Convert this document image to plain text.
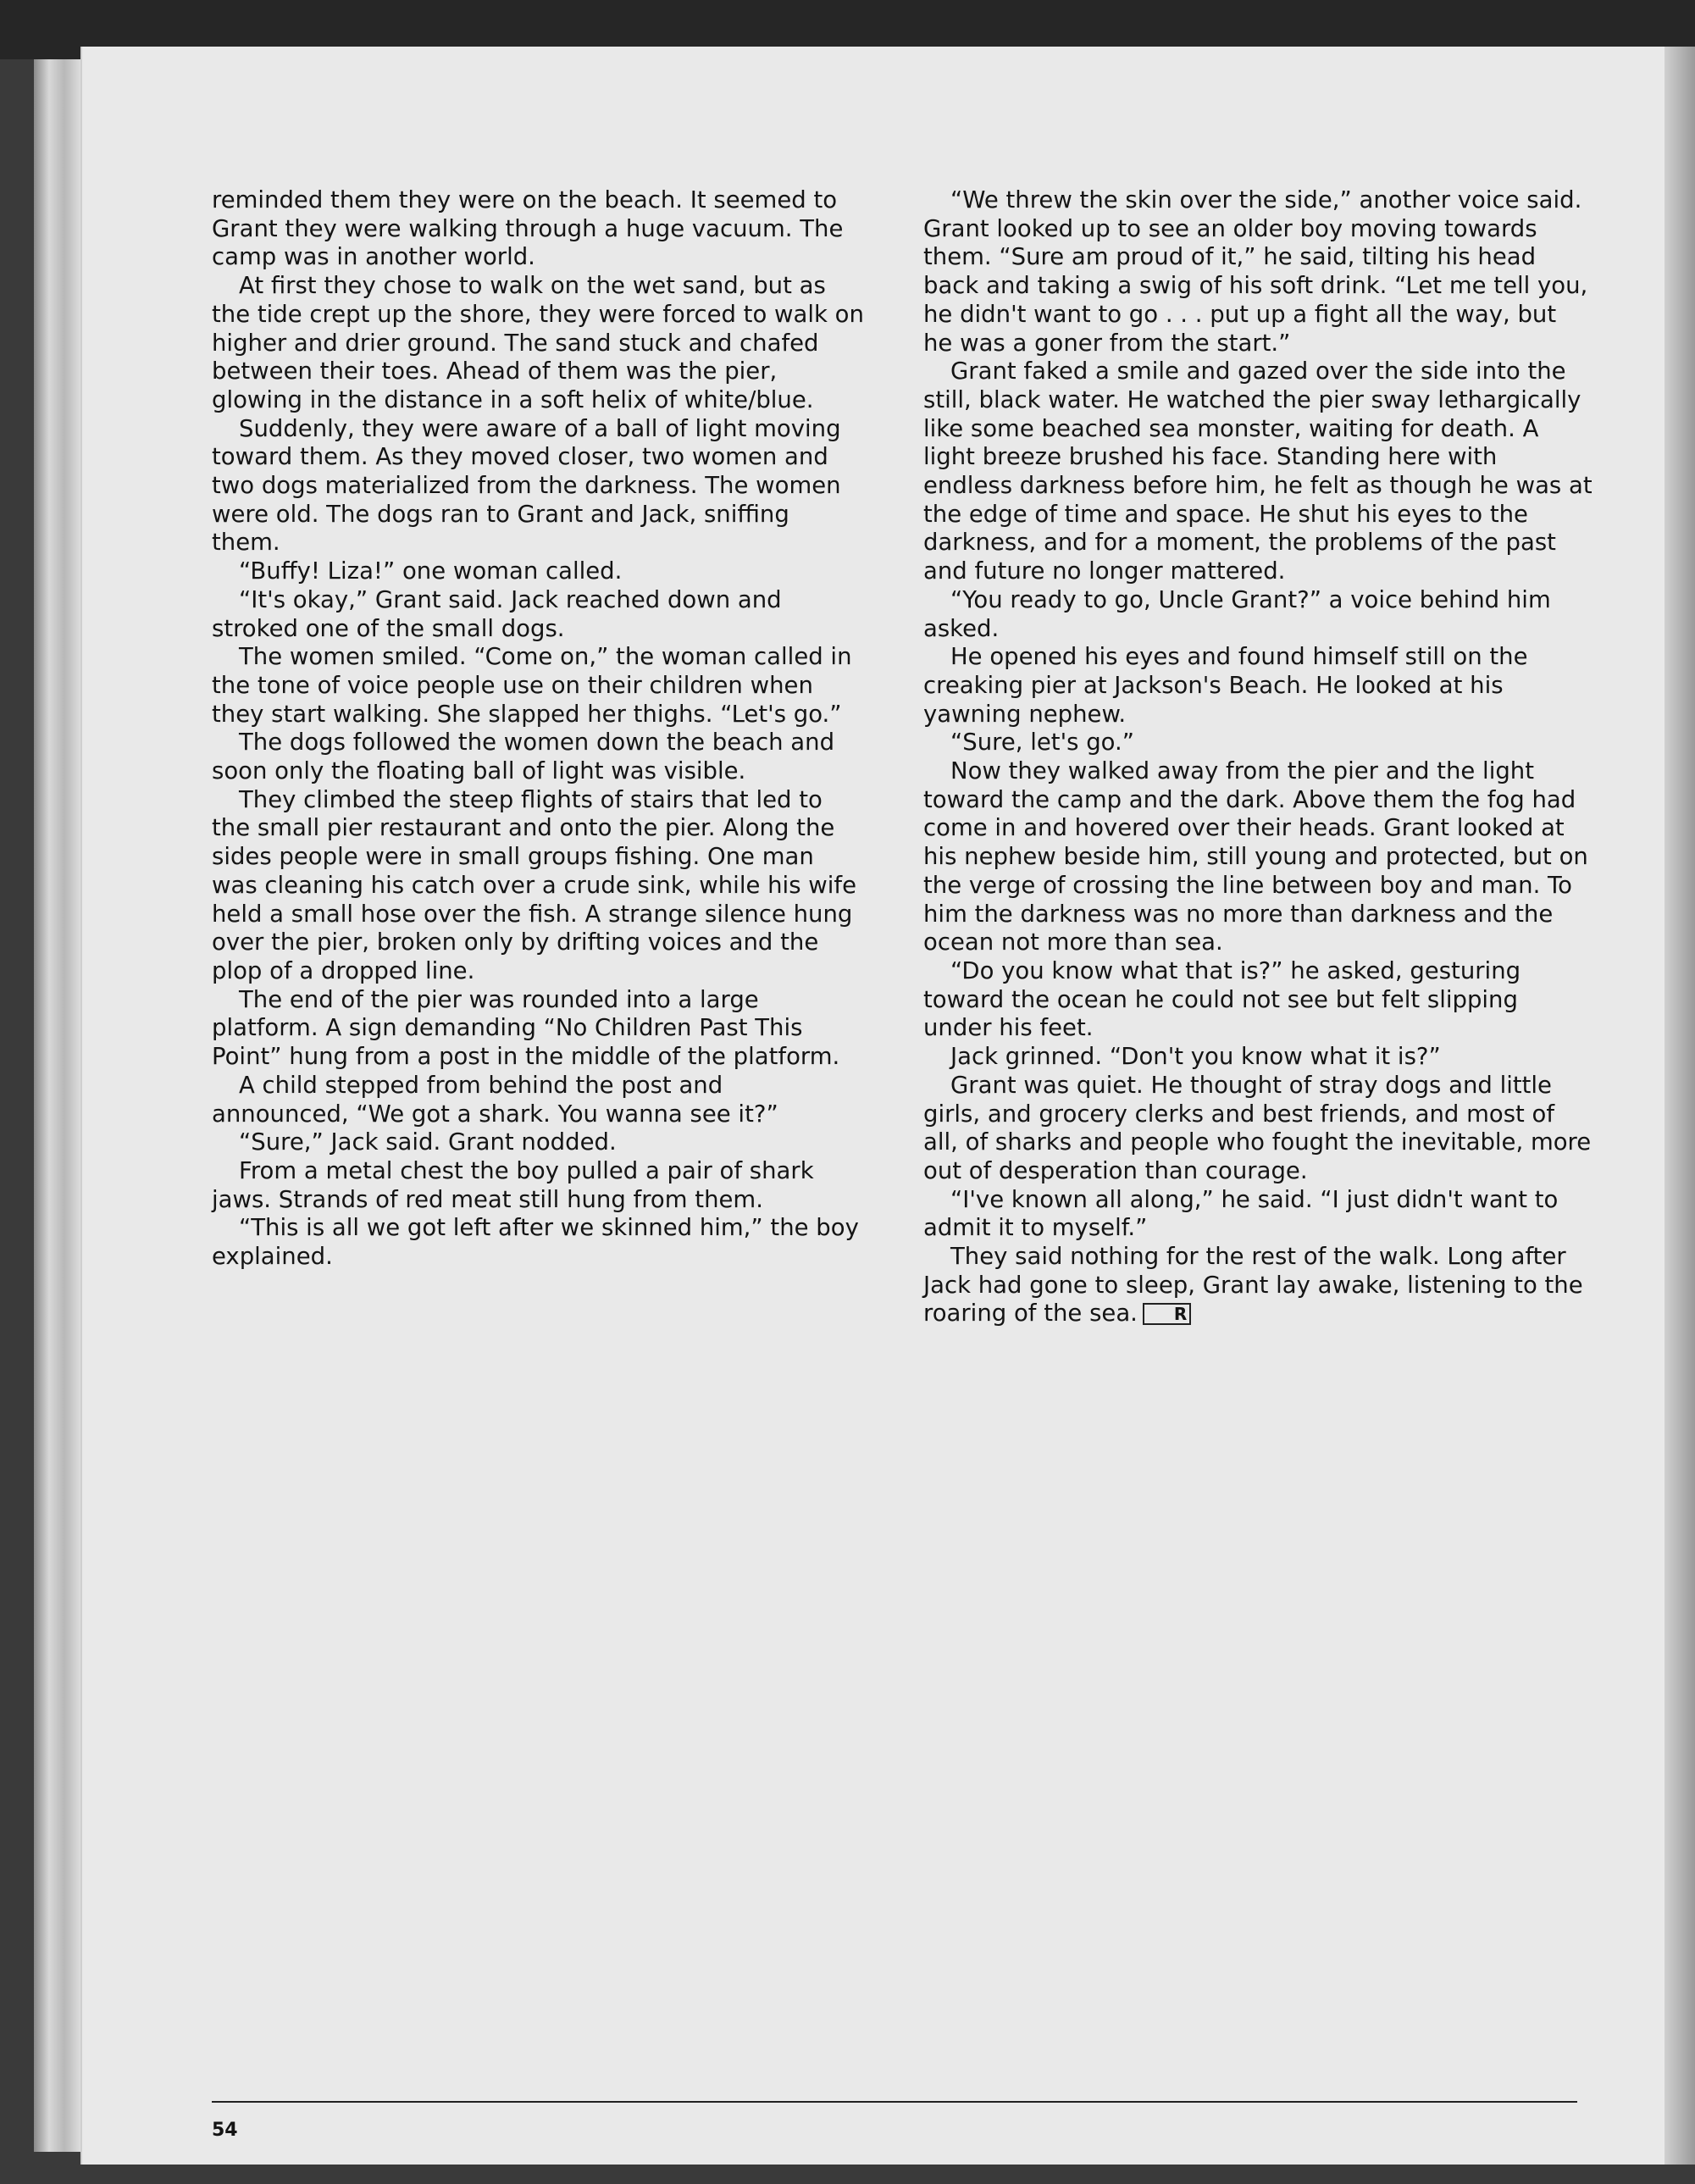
reminded them they were on the beach. It seemed to Grant they were walking through a huge vacuum. The camp was in another world.

At first they chose to walk on the wet sand, but as the tide crept up the shore, they were forced to walk on higher and drier ground. The sand stuck and chafed between their toes. Ahead of them was the pier, glowing in the distance in a soft helix of white/blue.

Suddenly, they were aware of a ball of light moving toward them. As they moved closer, two women and two dogs materialized from the darkness. The women were old. The dogs ran to Grant and Jack, sniffing them.

“Buffy! Liza!” one woman called.

“It's okay,” Grant said. Jack reached down and stroked one of the small dogs.

The women smiled. “Come on,” the woman called in the tone of voice people use on their children when they start walking. She slapped her thighs. “Let's go.”

The dogs followed the women down the beach and soon only the floating ball of light was visible.

They climbed the steep flights of stairs that led to the small pier restaurant and onto the pier. Along the sides people were in small groups fishing. One man was cleaning his catch over a crude sink, while his wife held a small hose over the fish. A strange silence hung over the pier, broken only by drifting voices and the plop of a dropped line.

The end of the pier was rounded into a large platform. A sign demanding “No Children Past This Point” hung from a post in the middle of the platform.

A child stepped from behind the post and announced, “We got a shark. You wanna see it?”

“Sure,” Jack said. Grant nodded.

From a metal chest the boy pulled a pair of shark jaws. Strands of red meat still hung from them.

“This is all we got left after we skinned him,” the boy explained.

“We threw the skin over the side,” another voice said. Grant looked up to see an older boy moving towards them. “Sure am proud of it,” he said, tilting his head back and taking a swig of his soft drink. “Let me tell you, he didn't want to go . . . put up a fight all the way, but he was a goner from the start.”

Grant faked a smile and gazed over the side into the still, black water. He watched the pier sway lethargically like some beached sea monster, waiting for death. A light breeze brushed his face. Standing here with endless darkness before him, he felt as though he was at the edge of time and space. He shut his eyes to the darkness, and for a moment, the problems of the past and future no longer mattered.

“You ready to go, Uncle Grant?” a voice behind him asked.

He opened his eyes and found himself still on the creaking pier at Jackson's Beach. He looked at his yawning nephew.

“Sure, let's go.”

Now they walked away from the pier and the light toward the camp and the dark. Above them the fog had come in and hovered over their heads. Grant looked at his nephew beside him, still young and protected, but on the verge of crossing the line between boy and man. To him the darkness was no more than darkness and the ocean not more than sea.

“Do you know what that is?” he asked, gesturing toward the ocean he could not see but felt slipping under his feet.

Jack grinned. “Don't you know what it is?”

Grant was quiet. He thought of stray dogs and little girls, and grocery clerks and best friends, and most of all, of sharks and people who fought the inevitable, more out of desperation than courage.

“I've known all along,” he said. “I just didn't want to admit it to myself.”

They said nothing for the rest of the walk. Long after Jack had gone to sleep, Grant lay awake, listening to the roaring of the sea. R

54
